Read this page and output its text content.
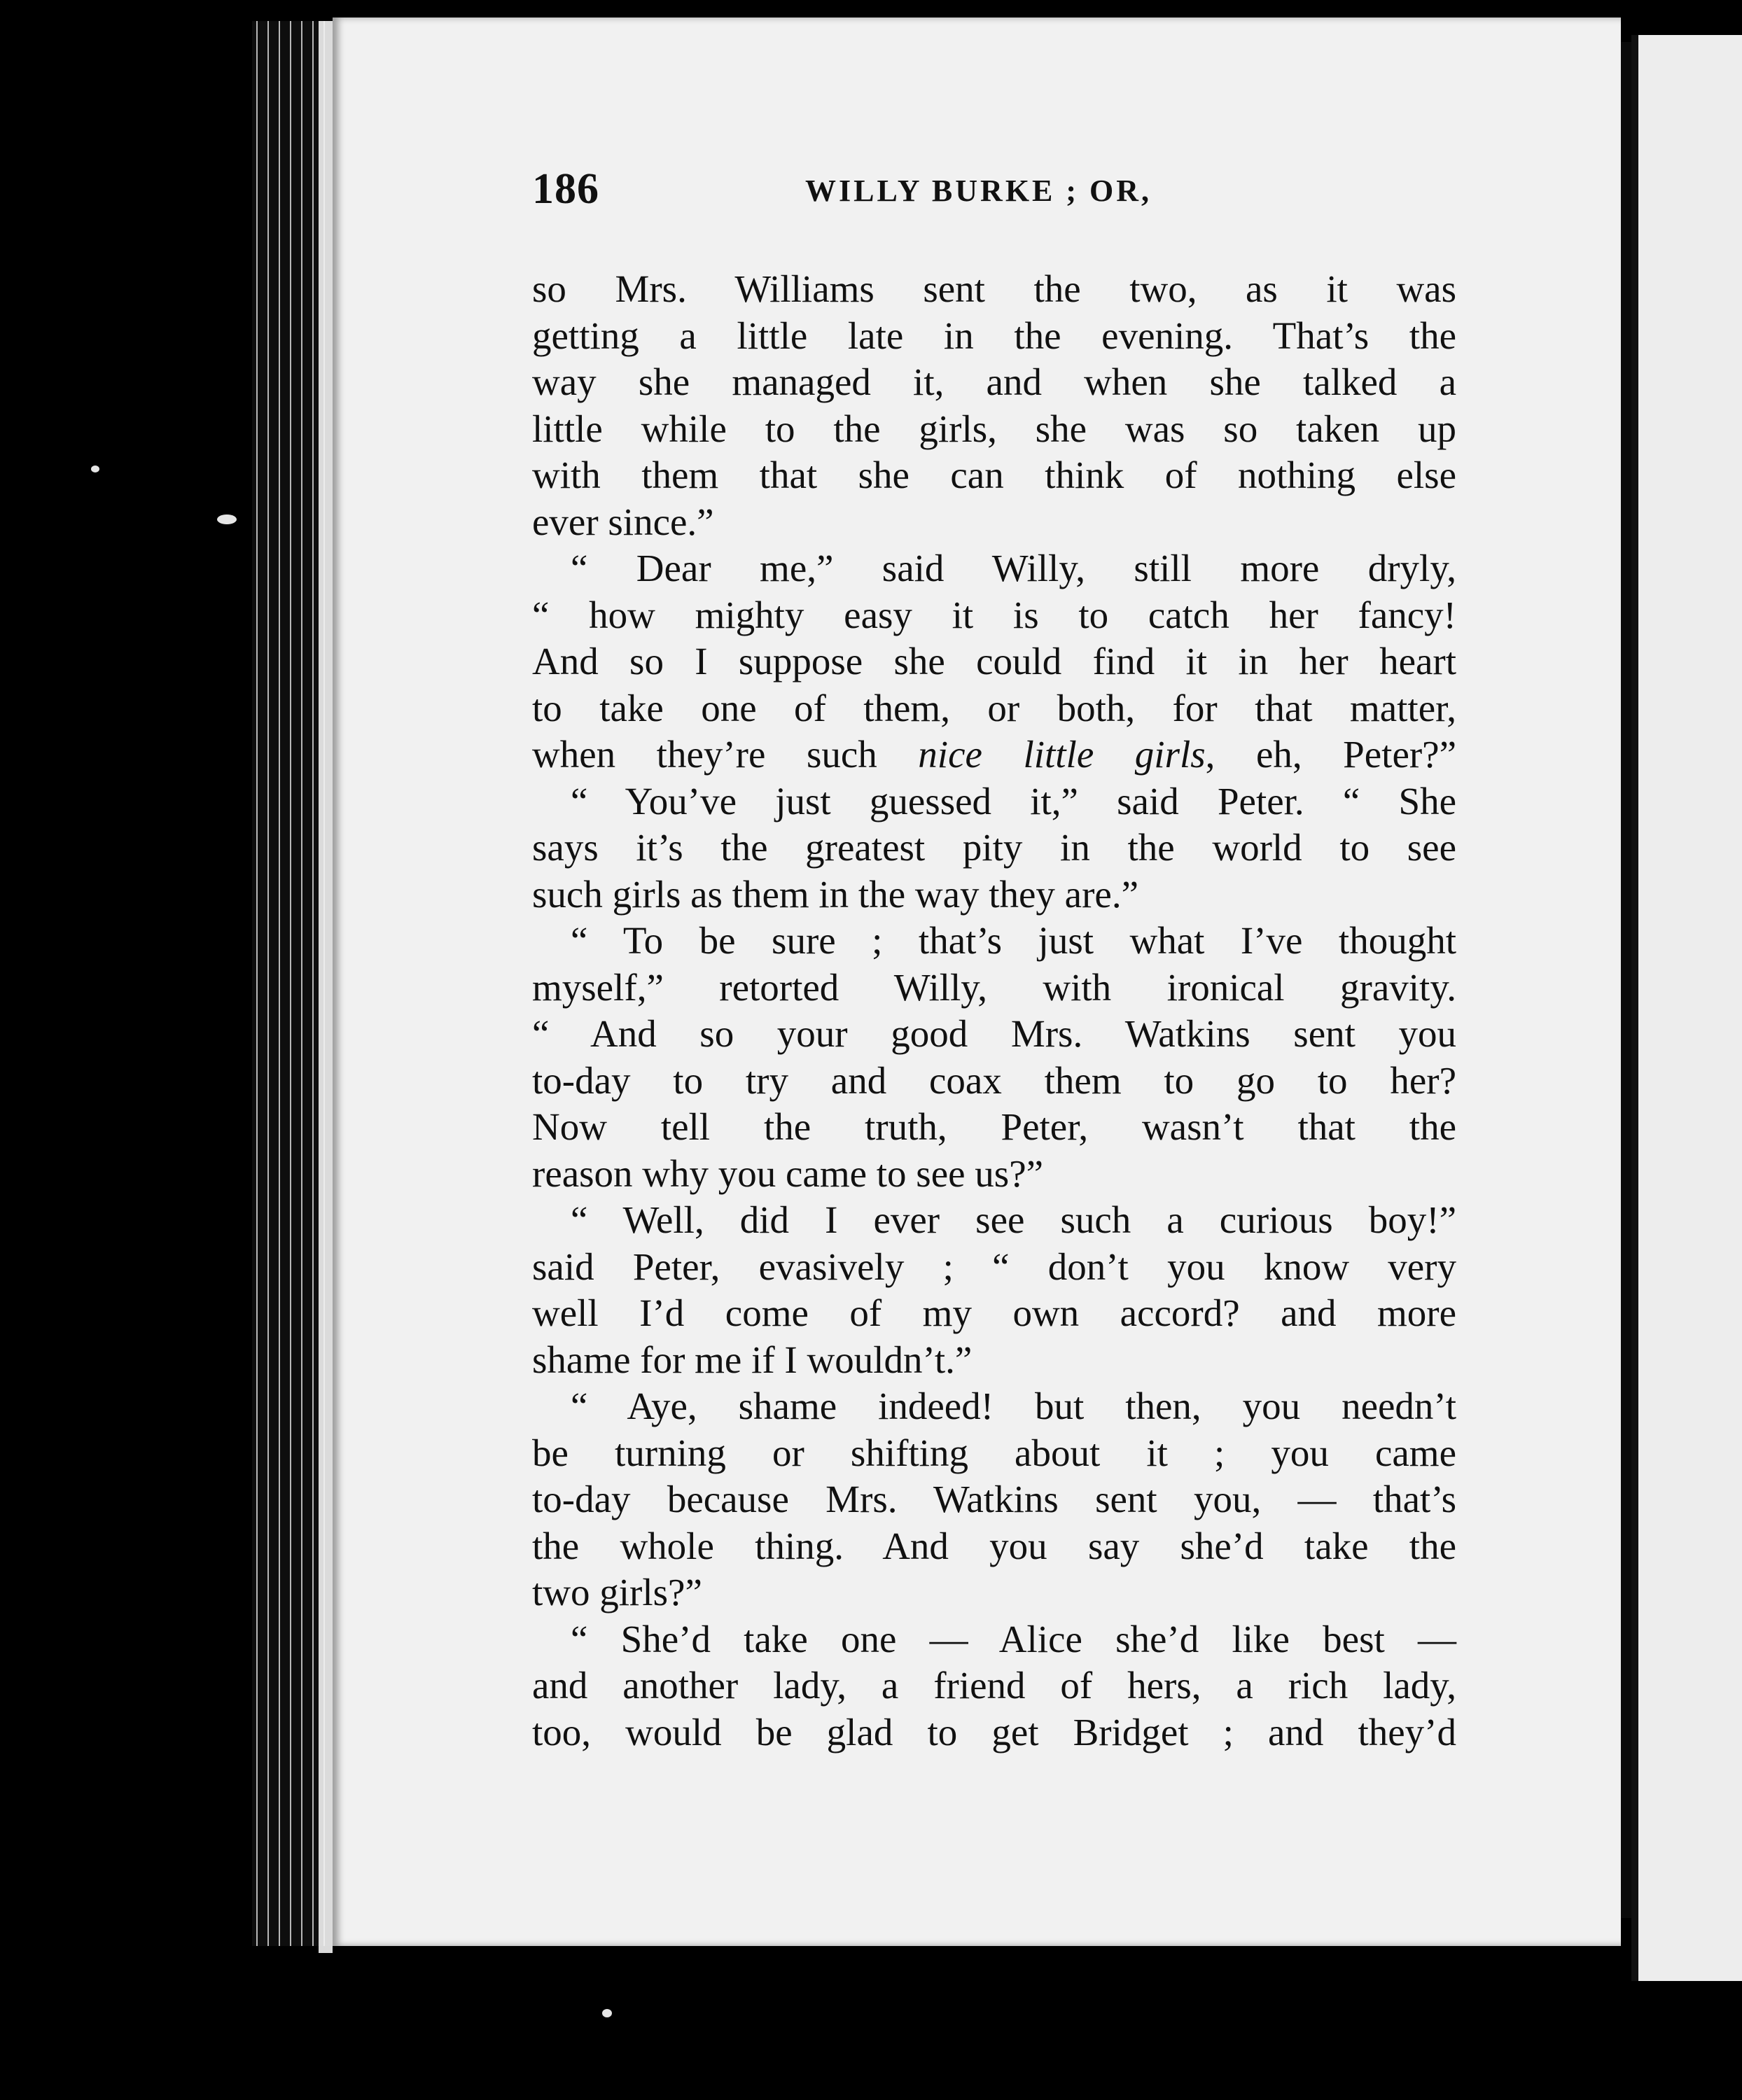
186	WILLY BURKE ; OR,
so Mrs. Williams sent the two, as it was
getting a little late in the evening. That’s the
way she managed it, and when she talked a
little while to the girls, she was so taken up
with them that she can think of nothing else
ever since.”
“ Dear me,” said Willy, still more dryly,
“ how mighty easy it is to catch her fancy!
And so I suppose she could find it in her heart
to take one of them, or both, for that matter,
when they’re such nice little girls, eh, Peter?”
“ You’ve just guessed it,” said Peter. “ She
says it’s the greatest pity in the world to see
such girls as them in the way they are.”
“ To be sure ; that’s just what I’ve thought
myself,” retorted Willy, with ironical gravity.
“ And so your good Mrs. Watkins sent you
to-day to try and coax them to go to her?
Now tell the truth, Peter, wasn’t that the
reason why you came to see us?”
“ Well, did I ever see such a curious boy!”
said Peter, evasively ; “ don’t you know very
well I’d come of my own accord? and more
shame for me if I wouldn’t.”
“ Aye, shame indeed! but then, you needn’t
be turning or shifting about it ; you came
to-day because Mrs. Watkins sent you, — that’s
the whole thing. And you say she’d take the
two girls?”
“ She’d take one — Alice she’d like best —
and another lady, a friend of hers, a rich lady,
too, would be glad to get Bridget ; and they’d
